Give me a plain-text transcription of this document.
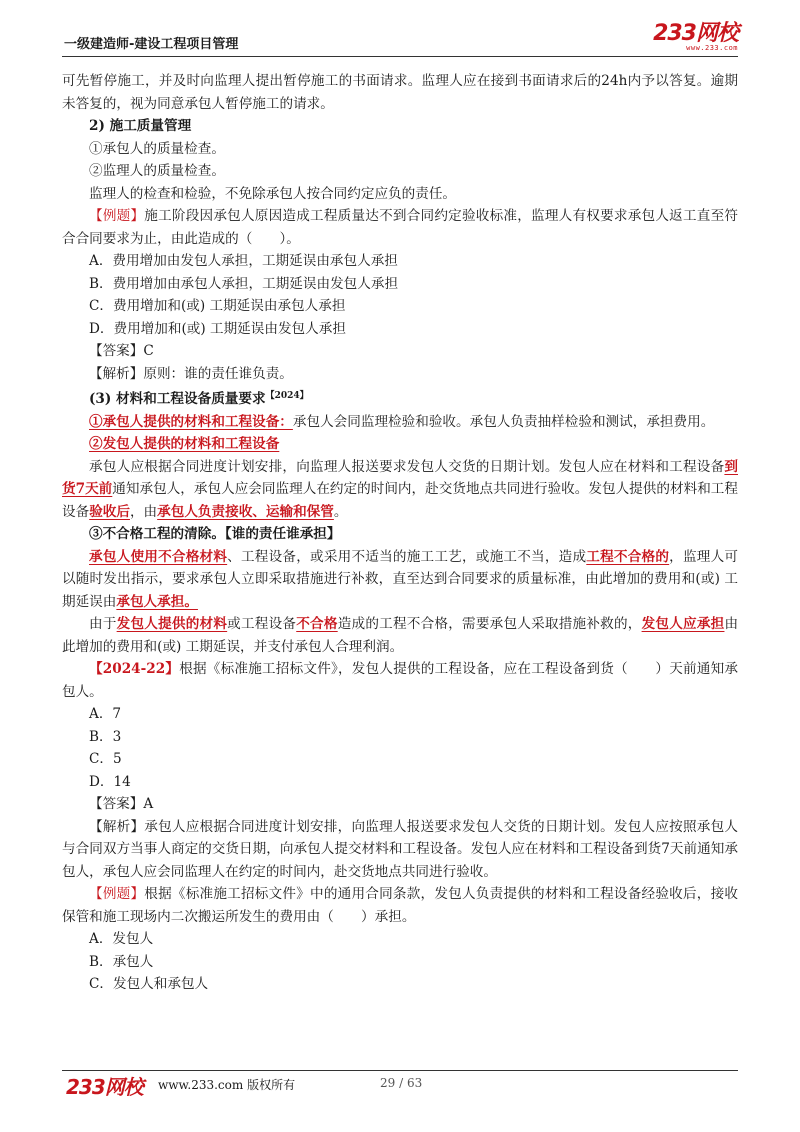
一级建造师-建设工程项目管理	233网校
www.233.com

可先暂停施工，并及时向监理人提出暂停施工的书面请求。监理人应在接到书面请求后的24h内予以答复。逾期未答复的，视为同意承包人暂停施工的请求。

2) 施工质量管理

①承包人的质量检查。

②监理人的质量检查。

监理人的检查和检验，不免除承包人按合同约定应负的责任。

【例题】施工阶段因承包人原因造成工程质量达不到合同约定验收标准，监理人有权要求承包人返工直至符合合同要求为止，由此造成的（　　）。

A．费用增加由发包人承担，工期延误由承包人承担

B．费用增加由承包人承担，工期延误由发包人承担

C．费用增加和(或) 工期延误由承包人承担

D．费用增加和(或) 工期延误由发包人承担

【答案】C

【解析】原则：谁的责任谁负责。

(3) 材料和工程设备质量要求$^{【2024】}$

①承包人提供的材料和工程设备：承包人会同监理检验和验收。承包人负责抽样检验和测试，承担费用。

②发包人提供的材料和工程设备

承包人应根据合同进度计划安排，向监理人报送要求发包人交货的日期计划。发包人应在材料和工程设备到货7天前通知承包人，承包人应会同监理人在约定的时间内，赴交货地点共同进行验收。发包人提供的材料和工程设备验收后，由承包人负责接收、运输和保管。

③不合格工程的清除。【谁的责任谁承担】

承包人使用不合格材料、工程设备，或采用不适当的施工工艺，或施工不当，造成工程不合格的，监理人可以随时发出指示，要求承包人立即采取措施进行补救，直至达到合同要求的质量标准，由此增加的费用和(或) 工期延误由承包人承担。

由于发包人提供的材料或工程设备不合格造成的工程不合格，需要承包人采取措施补救的，发包人应承担由此增加的费用和(或) 工期延误，并支付承包人合理利润。

【2024-22】根据《标准施工招标文件》，发包人提供的工程设备，应在工程设备到货（　　）天前通知承包人。

A．7

B．3

C．5

D．14

【答案】A

【解析】承包人应根据合同进度计划安排，向监理人报送要求发包人交货的日期计划。发包人应按照承包人与合同双方当事人商定的交货日期，向承包人提交材料和工程设备。发包人应在材料和工程设备到货7天前通知承包人，承包人应会同监理人在约定的时间内，赴交货地点共同进行验收。

【例题】根据《标准施工招标文件》中的通用合同条款，发包人负责提供的材料和工程设备经验收后，接收保管和施工现场内二次搬运所发生的费用由（　　）承担。

A．发包人

B．承包人

C．发包人和承包人

233网校 www.233.com 版权所有	29 / 63
